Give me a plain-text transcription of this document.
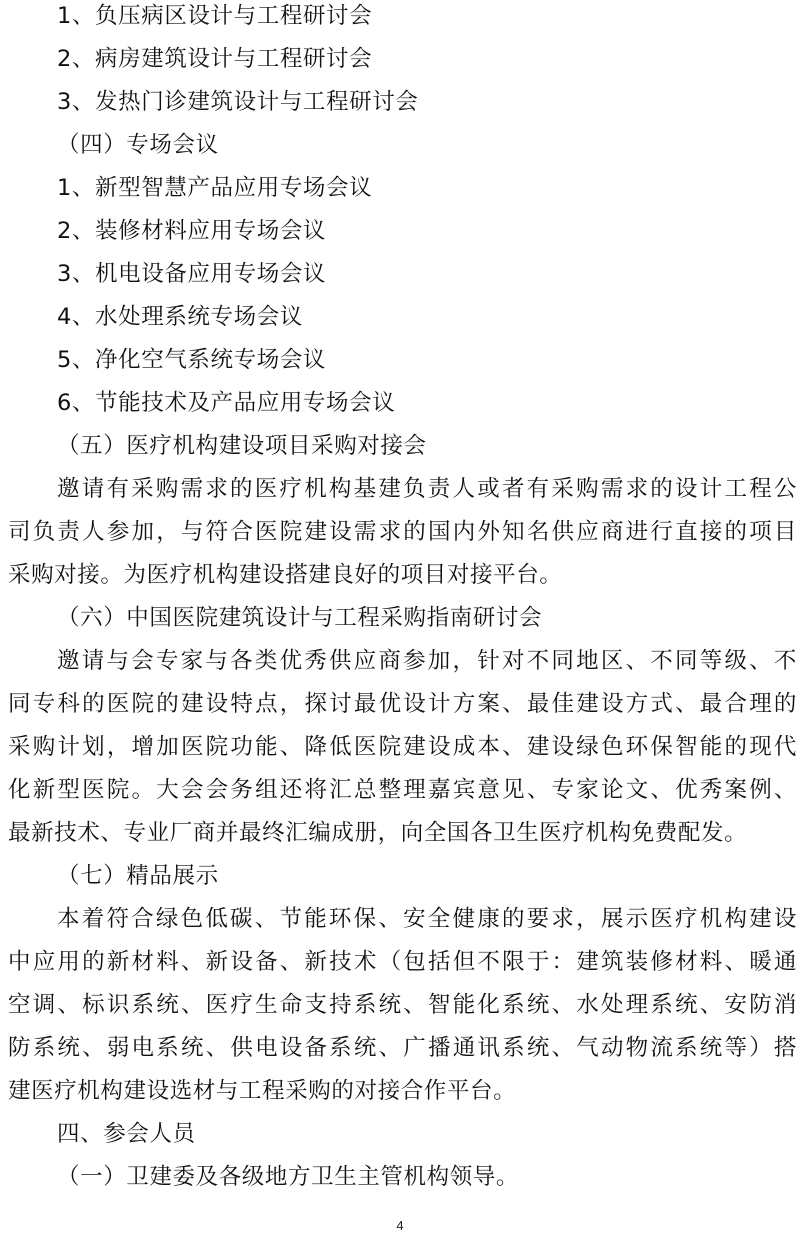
1、负压病区设计与工程研讨会
2、病房建筑设计与工程研讨会
3、发热门诊建筑设计与工程研讨会
（四）专场会议
1、新型智慧产品应用专场会议
2、装修材料应用专场会议
3、机电设备应用专场会议
4、水处理系统专场会议
5、净化空气系统专场会议
6、节能技术及产品应用专场会议
（五）医疗机构建设项目采购对接会
邀请有采购需求的医疗机构基建负责人或者有采购需求的设计工程公
司负责人参加，与符合医院建设需求的国内外知名供应商进行直接的项目
采购对接。为医疗机构建设搭建良好的项目对接平台。
（六）中国医院建筑设计与工程采购指南研讨会
邀请与会专家与各类优秀供应商参加，针对不同地区、不同等级、不
同专科的医院的建设特点，探讨最优设计方案、最佳建设方式、最合理的
采购计划，增加医院功能、降低医院建设成本、建设绿色环保智能的现代
化新型医院。大会会务组还将汇总整理嘉宾意见、专家论文、优秀案例、
最新技术、专业厂商并最终汇编成册，向全国各卫生医疗机构免费配发。
（七）精品展示
本着符合绿色低碳、节能环保、安全健康的要求，展示医疗机构建设
中应用的新材料、新设备、新技术（包括但不限于：建筑装修材料、暖通
空调、标识系统、医疗生命支持系统、智能化系统、水处理系统、安防消
防系统、弱电系统、供电设备系统、广播通讯系统、气动物流系统等）搭
建医疗机构建设选材与工程采购的对接合作平台。
四、参会人员
（一）卫建委及各级地方卫生主管机构领导。
4
